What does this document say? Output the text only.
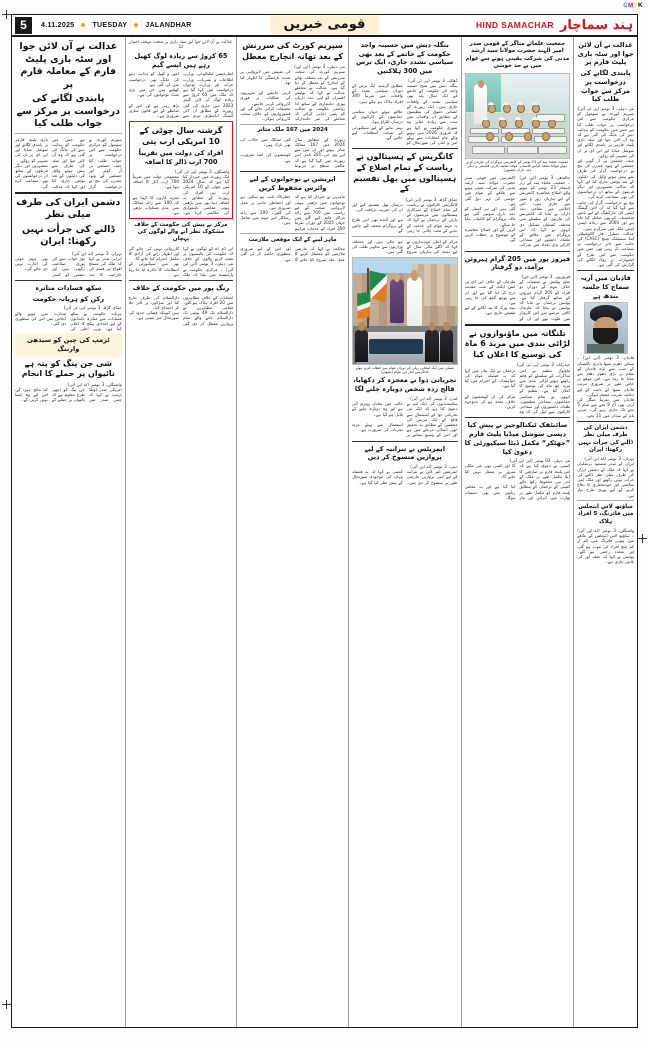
CMYK
5	4.11.2025	TUESDAY	JALANDHAR	قومی خبریں	HIND SAMACHAR ہند سماچار
عدالت نے آن لائن جوا اور سٹہ بازی پلیٹ فارم پر
پابندی لگانے کی درخواست پر مرکز سے جواب طلب کیا
نئی دہلی، 3 نومبر (پی ٹی آئی)
سپریم کورٹ نے سوموار کو مرکزی حکومت سے اس درخواست پر جواب طلب کیا ہے جس میں حکومت کو ہدایت دینے کی مانگ کی گئی ہے کہ وہ آن لائن جوا اور سٹہ بازی پلیٹ فارمز پر پابندی لگائے اور سوشل میڈیا اور این ای پر ان کی تشہیر کو روکے۔
چیف جسٹس بی آر گوئی اور جسٹس کے ونود چندرن کی بنچ نے درخواست گزار کی طرف سے پیش ہوئے وکیل کی دلیلوں کے بعد نوٹس جاری کیا اور کہا کہ عدالت مشتہرین اور دیگر فریقوں کے ساتھ ان درخواستوں کی بھی سماعت کرے گی۔
بنچ نے درخواست گزار کی جانب سے کہا گیا کہ آن لائن گیمنگ ایپس کی مارکیٹنگ کے لیے نامور شخصیات کو بھی شامل کیا جاتا ہے اور 2000 سے زیادہ ایسی ایپس ملک میں سرگرم ہیں۔
عدالت سنٹرل فار اکاؤنٹیبلٹی اینڈ سسٹمک چینج (CASC) کی جانب سے دائر درخواست پر سماعت کر رہی تھی جس میں حکومت سے اس طرح کے اشتہارات پر روک لگانے کی گزارش کی گئی ہے۔
قادیان میں آریہ سماج کا جلسہ بندھ ہے
قادیان، 3 نومبر (این این) ۔ سناتن دھرم سبھا پادری پاکستان کے سب سے بڑے قادیان کے مقام پر بڑی دھوم دھام سے منایا جا رہا ہے۔ اس موقع پر خاص طور پر ضروری مرتب قادیان سبھا کے باعث کے لیے دعائیہ تقریب منعقد ہوگی۔
قادیان میں تقریباً منگل کی آرتی بھی آج 9 بجے سے شام 5 بجے تک جاری رہے گی۔ مرتی نام کے میدان میں 11 بجے۔
دشمن ایران کی طرف میلی نظر ڈالنے کی جرأت نہیں رکھتا: ایران
تہران، 3 نومبر (اے این آئی)
ایران کے صدر مسعود پزشکیان نے کہا کہ ملک کے دشمن ایران کی طرف میلی نظر ڈالنے کی جرأت نہیں رکھتے اور ملک اپنی سلامتی اور خودمختاری کا دفاع کرنے کے لیے پوری طرح تیار ہے۔
ساؤتھ لاس اینجلس میں فائرنگ، 5 افراد ہلاک
واشنگٹن، 3 نومبر (اے این آئی) ۔ ساؤتھ لاس اینجلس کے علاقے میں ہوئی فائرنگ میں کم از کم پانچ افراد کی موت ہو گئی اور متعدد زخمی ہو گئے۔ پولیس نے کہا کہ حملہ آور کی تلاش جاری ہے۔
جمعیت علمائے مناگر کے قومی صدر امیر الہند حضرت مولانا سید ارشد مدنی کی شرکت یقینی ہونے سے عوام میں بے حد خوشی
جمعیت علماء ہند کے 23 نومبر کے کانفرنس پروگرام کی تیاریاں کرتے ہوئے مولانا محمد الیاس قاسمی، مولانا محمد عارف قاسمی و دیگر ذمہ داران (تصویر)
جالندھر، 3 نومبر (این این) ۔ جمعیت علماء ہند کے زیر اہتمام 23 نومبر کو ہونے والے اصلاح معاشرہ کانفرنس کے لیے تیاریاں زور و شور سے جاری ہیں۔ اس کانفرنس میں قومی صدر حضرت مولانا سید ارشد مدنی کی شرکت یقینی ہونے سے علاقے کے عوام میں خوشی کی لہر دوڑ گئی ہے۔
اجلاس میں مقامی ذمہ داران نے بتایا کہ کانفرنس کی تیاریوں کے سلسلے میں مختلف کمیٹیاں تشکیل دی گئی ہیں اور ہر کمیٹی کو ذمہ داری سونپی گئی ہے تاکہ پروگرام کو کامیاب بنایا جا سکے۔
انہوں نے کہا کہ اس پروگرام میں علاقے کے علماء، دانشور اور سماجی کارکن بڑی تعداد میں شرکت کریں گے اور اصلاح معاشرہ کے موضوع پر خطاب کریں گے۔
فیروز پور میں 205 گرام ہیروئن برآمد، دو گرفتار
فیروزپور، 3 نومبر (این این)
ضلع پولیس نے منشیات کے خلاف مہم کے دوران دو افراد کو 205 گرام ہیروئن کے ساتھ گرفتار کیا ہے۔ پولیس ترجمان نے بتایا کہ ملزمان کے خلاف این ڈی پی ایس ایکٹ کے تحت مقدمہ درج کر لیا گیا ہے اور ان سے پوچھ گچھ کی جا رہی ہے۔
پولیس نے بتایا کہ ملزمان کافی عرصے سے اس کاروبار میں ملوث تھے اور ان کے نیٹ ورک کا پتہ لگانے کے لیے تفتیش جاری ہے۔
تلنگانہ میں ماؤنوازوں نے لڑائی بندی میں مزید 6 ماہ کی توسیع کا اعلان کیا
حیدرآباد، 3 نومبر (پی ٹی آئی)
ماؤنواز تنظیم نے امن مذاکرات کے سلسلے کو قائم رکھتے ہوئے لڑائی بندی میں مزید چھ ماہ کی توسیع کا اعلان کیا ہے۔ تنظیم کے ترجمان نے ایک بیان میں کہا کہ یہ فیصلہ عوام کی خواہشات کے احترام میں کیا گیا ہے۔
انہوں نے تمام سیاسی جماعتوں، سماجی تنظیموں، طلباء، دانشوروں اور سماجی کارکنوں سے اپیل کی کہ وہ مرکز کی ان کوششوں کے خلاف متحد ہو کر جدوجہد کریں۔
سائنٹفک ٹیکنالوجیز نے پیش کیا دیسی سوشل میڈیا پلیٹ فارم ”جھٹکر“ مکمل ڈیٹا سیکیورٹی کا دعویٰ کیا
نئی دہلی، 03 نومبر (این این آئی)
کمپنی نے دعویٰ کیا ہے کہ اس پلیٹ فارم پر صارفین کا ڈیٹا مکمل طور پر ملک کے اندر ہی محفوظ رکھا جائے گا اور کسی بھی غیر ملکی سرور پر منتقل نہیں کیا جائے گا۔
کمپنی کے ترجمان کے مطابق پلیٹ فارم کو مکمل طور پر بھارت میں ڈیزائن اور تیار کیا گیا ہے اور یہ مقامی زبانوں میں بھی دستیاب ہوگا۔
بنگلہ دیش میں حسینہ واجد حکومت کے خاتمے کے بعد بھی سیاسی تشدد جاری، ایک برس میں 300 ہلاکتیں
ڈھاکہ، 3 نومبر (پی ٹی آئی)
بنگلہ دیش میں شیخ حسینہ واجد کی حکومت کے خاتمے کے ایک سال بعد بھی سیاسی تشدد کے واقعات جاری ہیں۔ ایک رپورٹ کے مطابق گزشتہ ایک برس کے دوران سیاسی تشدد کے واقعات میں تقریباً 300 افراد ہلاک ہو چکے ہیں۔
انسانی حقوق کی تنظیموں کے مطابق ان واقعات میں سب سے زیادہ متاثر وہ علاقے ہوئے جہاں سیاسی جماعتوں کے کارکنوں کے درمیان ٹکراؤ ہوا۔
عبوری حکومت نے کہا ہے کہ فروری 2026 میں ہونے والے عام انتخابات سے پہلے امن و امان کی صورتحال کو بہتر بنانے کے لیے سیکیورٹی کے سخت انتظامات کیے جائیں گے۔
کانگریس کے ہسپتالوں نے ریاست کے تمام اضلاع کے ہسپتالوں میں پھل تقسیم کے
چنڈی گڑھ، 3 نومبر (این این)
کانگریس کارکنوں نے ریاست کے تمام اضلاع کے سرکاری ہسپتالوں میں مریضوں کے درمیان پھل تقسیم کیے اور ان کی خیریت دریافت کی۔
پارٹی کے ترجمان نے کہا کہ یہ مہم عوام کی خدمت کے جذبے کے تحت چلائی جا رہی ہے اور آئندہ بھی اس طرح کے پروگرام منعقد کیے جائیں گے۔
مرکز کے اعلیٰ عہدیداروں نے کہا کہ اگلے مالی سال کے لیے بجٹ کی تیاریاں شروع ہو چکی ہیں اور مختلف وزارتوں سے تجاویز طلب کی گئی ہیں۔
ممبئی میں ایک انتخابی ریلی کے دوران عوام سے خطاب کرتے ہوئے کانگریس لیڈر اور عوام (تصویر)
تجرباتی دوا نے معجزہ کر دکھایا، فالج زدہ شخص دوبارہ چلنے لگا
لندن، 3 نومبر (اے این آئی)
سائنسدانوں کی ایک ٹیم نے دعویٰ کیا ہے کہ ایک نئی تجرباتی دوا کے استعمال سے فالج کے ایک مریض کی حالت میں نمایاں بہتری آئی ہے اور وہ دوبارہ چلنے کے قابل ہو گیا ہے۔
محققین کے مطابق یہ تحقیق ابھی ابتدائی مرحلے میں ہے اور اس کے وسیع پیمانے پر استعمال سے پہلے مزید تجربات کی ضرورت ہے۔
ایمریٹس نے تنزانیہ کے لیے پروازیں منسوخ کر دیں
دبئی، 3 نومبر (اے این آئی)
ایمریٹس ایئر لائن نے تنزانیہ کے لیے اپنی پروازیں عارضی طور پر منسوخ کر دی ہیں۔ کمپنی نے کہا کہ یہ فیصلہ وہاں کی موجودہ صورتحال کے پیش نظر کیا گیا ہے۔
سپریم کورٹ کی سرزنش کے بعد تھانہ انچارج معطل
نئی دہلی، 3 نومبر (این این)
سپریم کورٹ کی سخت سرزنش کے بعد متعلقہ تھانے کے انچارج کو معطل کر دیا گیا ہے۔ عدالت نے معاملے کی تفتیش میں لاپرواہی پر شدید ناراضگی کا اظہار کیا تھا۔
عدالت نے کہا کہ پولیس افسران کو اپنی ذمہ داریاں پوری دیانتداری کے ساتھ ادا کرنی چاہئیں اور شہریوں کی شکایات پر فوری کارروائی کرنی چاہیے۔
ریاستی حکومت نے عدالت کو یقین دہانی کرائی کہ معاملے کی غیر جانبدارانہ تحقیقات کرائی جائے گی اور قصورواروں کے خلاف سخت کارروائی ہوگی۔
2024 میں 167 ملک متاثر
رپورٹ کے مطابق سال 2024 میں 167 ممالک متاثر ہوئے اور ان میں سے کئی ممالک میں حالات اب بھی نازک ہیں۔
این وی جی۔291 نامی اس رپورٹ میں کہا گیا ہے کہ عالمی سطح پر مربوط کوششوں کی اشد ضرورت ہے۔
ایریشن نے نوجوانوں کے لیے وائرس محفوظ کریں
ماہرین نے خبردار کیا ہے کہ نوجوانوں میں بڑھتی ہوئی لاپرواہی صحت کے لیے خطرناک ثابت ہو سکتی ہے اور احتیاطی تدابیر پر عمل ضروری ہے۔
ریاست میں 700 سے زائد مراکز قائم کیے گئے ہیں جہاں 2025 کے دوران تقریباً 350 افراد کو خدمات فراہم کی گئیں۔ 200 سے زائد رضاکار اس مہم میں شامل ہیں۔
ماہر لیبے کے ایک موقعی ملازمت
محکمہ نے کہا کہ عارضی ملازمین کو مستقل کرنے کا عمل جلد شروع کیا جائے گا اور اس کے لیے ضروری منظوری حاصل کر لی گئی ہے۔
عدالت نے آن لائن جوا اور سٹہ بازی پر سخت موقف اختیار کیا
65 کروڑ سے زیادہ لوگ کھیل رہے ہیں ایسے گیم
انفارمیشن ٹیکنالوجی، وزارت اطلاعات و نشریات، وزارت خزانہ اور وزارت نوجوان امور و کھیل کو ہدایت دینے کی مانگ بھی درخواست میں کی گئی ہے۔
درخواست میں کہا گیا ہے کہ ملک میں 65 کروڑ سے زیادہ لوگ آن لائن گیمز کھیلتے ہیں جن میں بڑی تعداد نوجوانوں کی ہے۔
2023 میں جاری کی گئی رپورٹ کے مطابق آن لائن گیمنگ انڈسٹری تیزی سے بڑھ رہی ہے اور اس کے ضابطے کے لیے قانون سازی ضروری ہے۔
گزشتہ سال چوٹی کے 10 امریکی ارب پتی
افراد کی دولت میں تقریباً 700 ارب ڈالر کا اضافہ
واشنگٹن، 3 نومبر (پی ٹی آئی)
ایک رپورٹ میں خبردار کیا گیا ہے کہ سال 2024 میں چوٹی کے 10 امریکی ارب پتی افراد کی مجموعی دولت میں تقریباً 700 ارب ڈالر کا اضافہ ہوا ہے۔
رپورٹ کے مطابق یہ اضافہ دنیا بھر میں بڑھتی ہوئی معاشی ناہمواری کی عکاسی کرتا ہے۔ تجزیہ کاروں کا کہنا ہے کہ 100 سے زائد ممالک میں عدم مساوات بڑھی ہے۔
مرکز نے پیش کی حکومت کے خلاف مشکوک نظر آنے والے لوگوں کی پہچان
این ڈی اے کے لوگوں نے کہا کہ حکومت کی پالیسیوں پر تنقید کرنے والوں کے خلاف کارروائی نہیں کی جائے گی اور اظہار رائے کی آزادی کا مکمل احترام کیا جائے گا۔
نئی دہلی، 3 نومبر (این این آئی) ۔ مرکزی حکومت نے پارلیمنٹ میں بتایا کہ ملک بھر میں سیکیورٹی کے انتظامات کا جائزہ لیا جا رہا ہے۔
رنگ پور میں حکومت کے خلاف
انتخابات کے خلاف مظاہروں میں 20 افراد ہلاک ہو گئے۔ مقامی مظاہرین نے دارالسلام کی طرف مارچ کیا اور سڑکوں پر ٹائر جلا کر احتجاج کیا۔
دارالسلام تک 49 نومبر تک دارالسلام جانے والے تمام پروازیں معطل کر دی گئی ہیں کیونکہ فضائی حدود کی صورتحال غیر یقینی ہے۔
عدالت نے آن لائن جوا اور سٹہ بازی پلیٹ فارم کے معاملہ فارم پر
پابندی لگانے کی درخواست پر مرکز سے جواب طلب کیا
سپریم کورٹ نے سوموار کو مرکزی حکومت سے اس درخواست پر جواب طلب کیا ہے جس میں حکومت کو ہدایت دینے کی مانگ کی گئی ہے کہ وہ آن لائن جوا اور سٹہ بازی پلیٹ فارمز پر پابندی لگائے اور سوشل میڈیا اور این ای پر ان کی تشہیر کو روکے۔
چیف جسٹس بی آر گوئی اور جسٹس کے ونود چندرن کی بنچ نے درخواست گزار کی طرف سے پیش ہوئے وکیل کی دلیلوں کے بعد نوٹس جاری کیا اور کہا کہ عدالت مشتہرین اور دیگر فریقوں کے ساتھ ان درخواستوں کی بھی سماعت کرے گی۔
دشمن ایران کی طرف میلی نظر
ڈالنے کی جرأت نہیں رکھتا: ایران
تہران، 3 نومبر (اے این آئی)
ایرانی صدر نے کہا کہ ملک کی مسلح افواج ہر قسم کی جارحیت کا منہ توڑ جواب دینے کی پوری صلاحیت رکھتی ہیں اور دشمن کو کسی بھی مہم جوئی کی اجازت نہیں دی جائے گی۔
سکھ فسادات متاثرہ
رکن کو ہریانہ حکومت
چنڈی گڑھ، 3 نومبر (پی ٹی آئی)
ہریانہ حکومت نے سکھ فسادات سے متاثرہ خاندانوں کے لیے امدادی پیکج کا اعلان کیا ہے۔ وزیر اعلیٰ کی صدارت میں ہونے والے اجلاس میں اس کی منظوری دی گئی۔
ٹرمپ کی چین کو سیدھی وارننگ
شی جن پنگ کو پتہ ہے تائیوان پر حملے کا انجام
واشنگٹن، 3 نومبر (اے این آئی)
امریکی صدر ڈونلڈ ٹرمپ نے کہا کہ چینی صدر شی جن پنگ کو اچھی طرح معلوم ہے کہ تائیوان پر حملے کے کیا نتائج ہوں گے، اس لیے وہ ایسا نہیں کریں گے۔
